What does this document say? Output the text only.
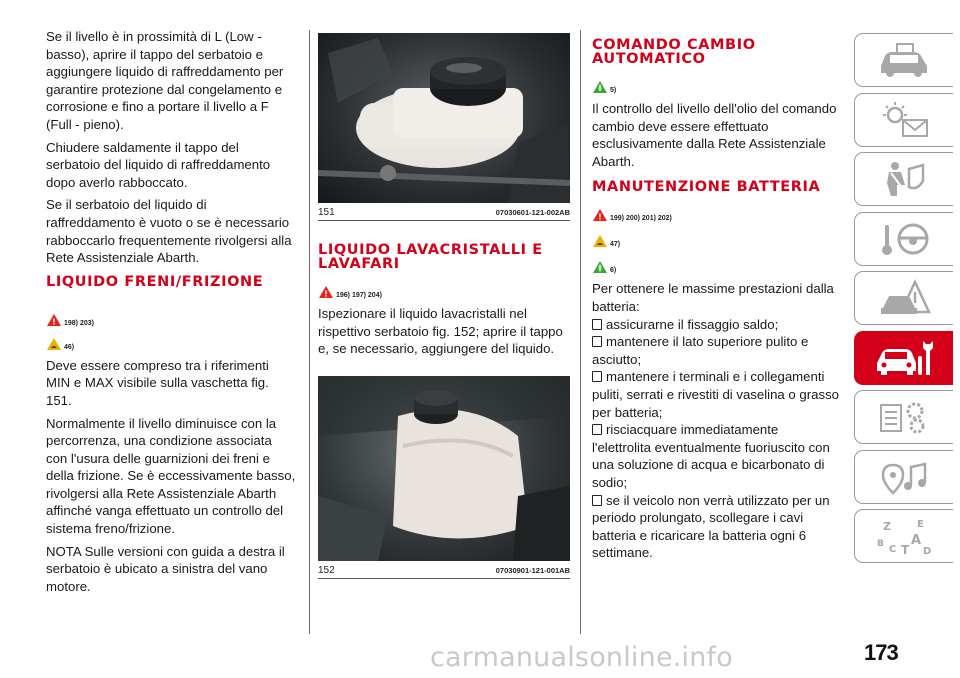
Se il livello è in prossimità di L (Low - basso), aprire il tappo del serbatoio e aggiungere liquido di raffreddamento per garantire protezione dal congelamento e corrosione e fino a portare il livello a F (Full - pieno).

Chiudere saldamente il tappo del serbatoio del liquido di raffreddamento dopo averlo rabboccato.

Se il serbatoio del liquido di raffreddamento è vuoto o se è necessario rabboccarlo frequentemente rivolgersi alla Rete Assistenziale Abarth.

LIQUIDO FRENI/FRIZIONE
! 198) 203)
46)

Deve essere compreso tra i riferimenti MIN e MAX visibile sulla vaschetta fig. 151.

Normalmente il livello diminuisce con la percorrenza, una condizione associata con l'usura delle guarnizioni dei freni e della frizione. Se è eccessivamente basso, rivolgersi alla Rete Assistenziale Abarth affinché vanga effettuato un controllo del sistema freno/frizione.

NOTA Sulle versioni con guida a destra il serbatoio è ubicato a sinistra del vano motore.

151	07030601-121-002AB
LIQUIDO LAVACRISTALLI E LAVAFARI
! 196) 197) 204)

Ispezionare il liquido lavacristalli nel rispettivo serbatoio fig. 152; aprire il tappo e, se necessario, aggiungere del liquido.

152	07030901-121-001AB
COMANDO CAMBIO AUTOMATICO
5)

Il controllo del livello dell'olio del comando cambio deve essere effettuato esclusivamente dalla Rete Assistenziale Abarth.

MANUTENZIONE BATTERIA
! 199) 200) 201) 202)
47)
6)

Per ottenere le massime prestazioni dalla batteria:

assicurarne il fissaggio saldo;

mantenere il lato superiore pulito e asciutto;

mantenere i terminali e i collegamenti puliti, serrati e rivestiti di vaselina o grasso per batteria;

risciacquare immediatamente l'elettrolita eventualmente fuoriuscito con una soluzione di acqua e bicarbonato di sodio;

se il veicolo non verrà utilizzato per un periodo prolungato, scollegare i cavi batteria e ricaricare la batteria ogni 6 settimane.

Z	E
B A
C T D
carmanualsonline.info	173
